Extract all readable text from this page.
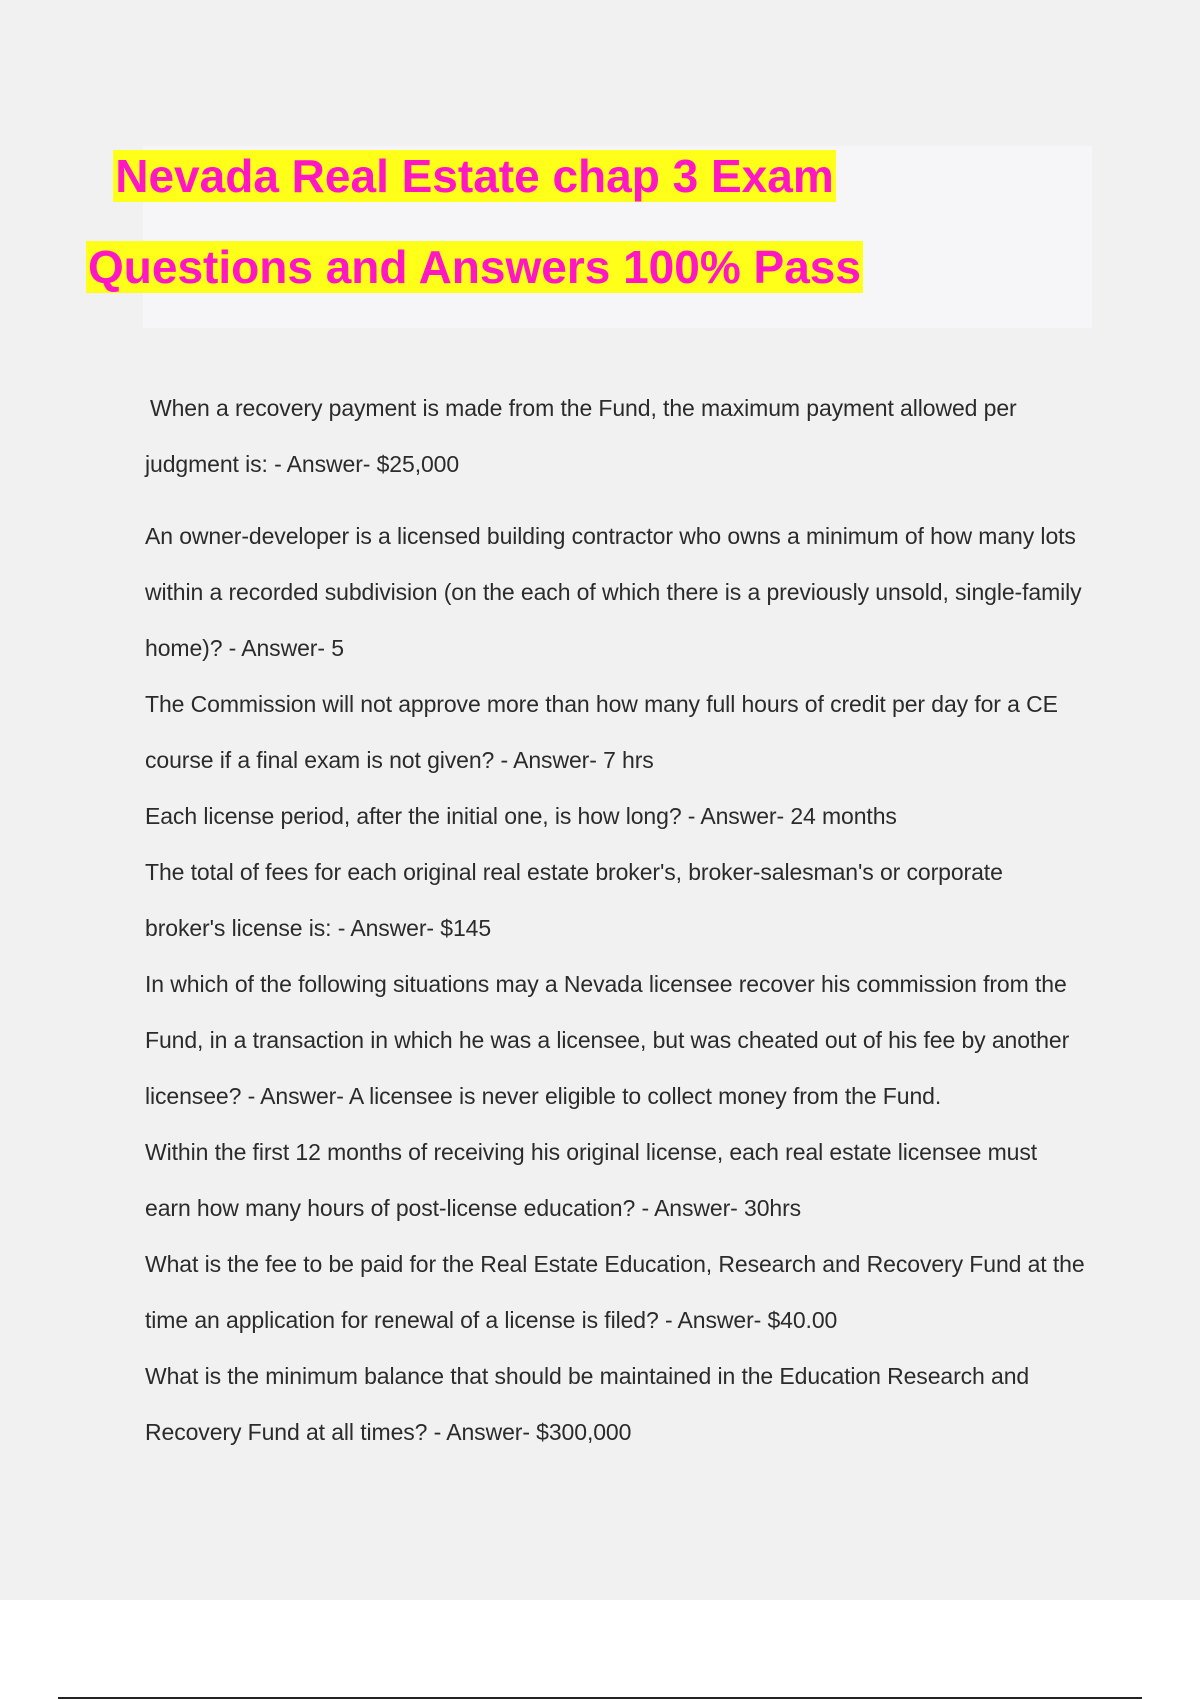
Nevada Real Estate chap 3 Exam
Questions and Answers 100% Pass

When a recovery payment is made from the Fund, the maximum payment allowed per judgment is: - Answer- $25,000

An owner-developer is a licensed building contractor who owns a minimum of how many lots within a recorded subdivision (on the each of which there is a previously unsold, single-family home)? - Answer- 5

The Commission will not approve more than how many full hours of credit per day for a CE course if a final exam is not given? - Answer- 7 hrs

Each license period, after the initial one, is how long? - Answer- 24 months

The total of fees for each original real estate broker's, broker-salesman's or corporate broker's license is: - Answer- $145

In which of the following situations may a Nevada licensee recover his commission from the Fund, in a transaction in which he was a licensee, but was cheated out of his fee by another licensee? - Answer- A licensee is never eligible to collect money from the Fund.

Within the first 12 months of receiving his original license, each real estate licensee must earn how many hours of post-license education? - Answer- 30hrs

What is the fee to be paid for the Real Estate Education, Research and Recovery Fund at the time an application for renewal of a license is filed? - Answer- $40.00

What is the minimum balance that should be maintained in the Education Research and Recovery Fund at all times? - Answer- $300,000
